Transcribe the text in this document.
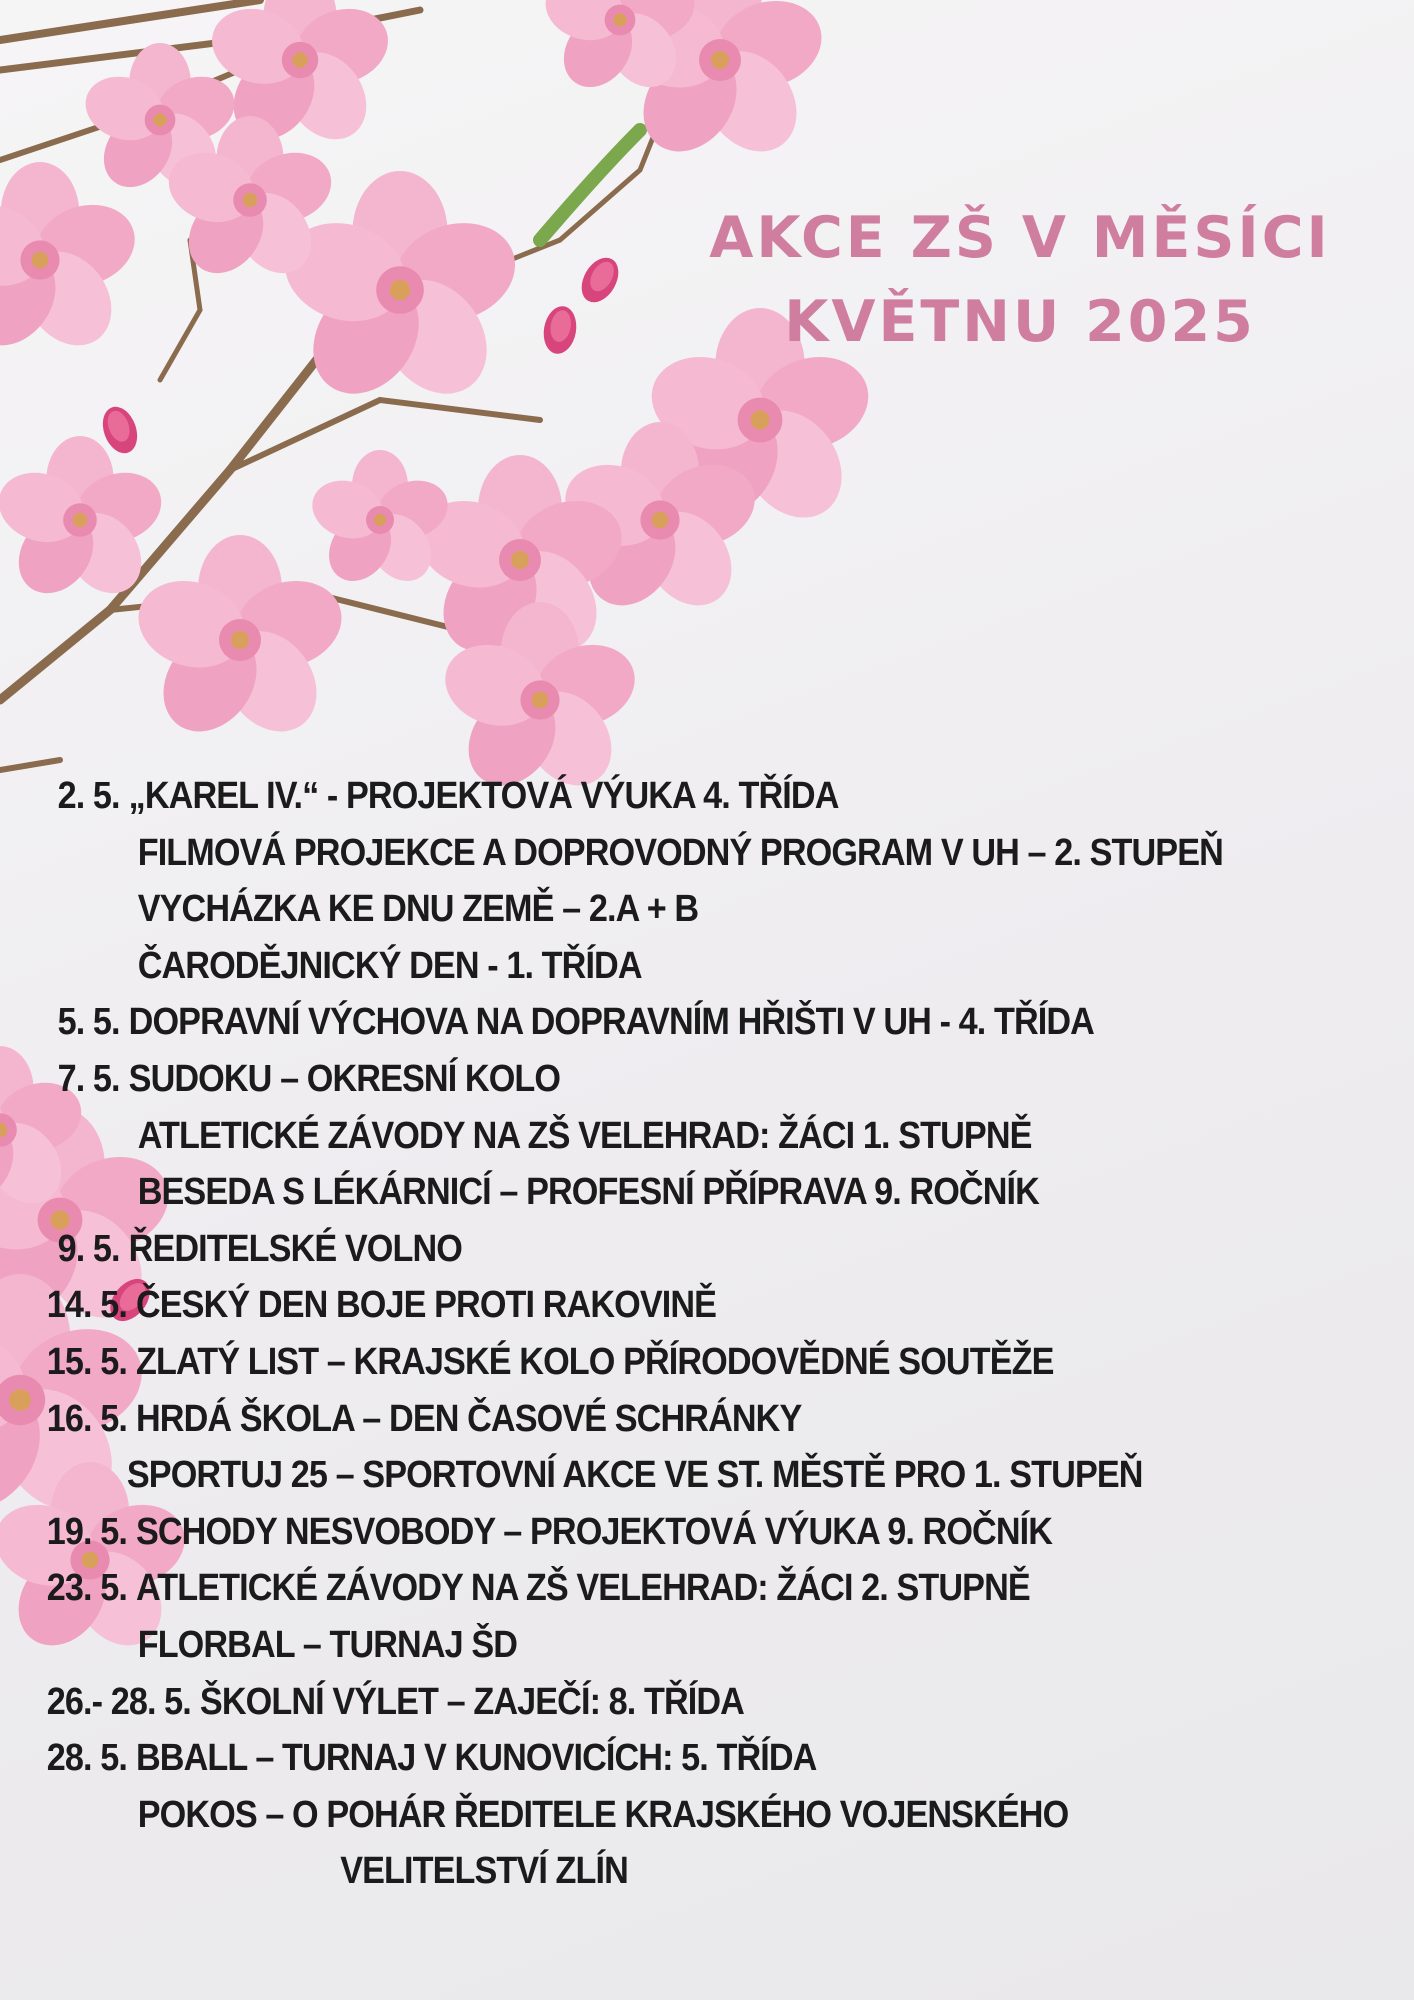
AKCE ZŠ V MĚSÍCI
KVĚTNU 2025
2. 5. „KAREL IV.“ - PROJEKTOVÁ VÝUKA 4. TŘÍDA
FILMOVÁ PROJEKCE A DOPROVODNÝ PROGRAM V UH – 2. STUPEŇ
VYCHÁZKA KE DNU ZEMĚ – 2.A + B
ČARODĚJNICKÝ DEN - 1. TŘÍDA
5. 5. DOPRAVNÍ VÝCHOVA NA DOPRAVNÍM HŘIŠTI V UH - 4. TŘÍDA
7. 5. SUDOKU – OKRESNÍ KOLO
ATLETICKÉ ZÁVODY NA ZŠ VELEHRAD: ŽÁCI 1. STUPNĚ
BESEDA S LÉKÁRNICÍ – PROFESNÍ PŘÍPRAVA 9. ROČNÍK
9. 5. ŘEDITELSKÉ VOLNO
14. 5. ČESKÝ DEN BOJE PROTI RAKOVINĚ
15. 5. ZLATÝ LIST – KRAJSKÉ KOLO PŘÍRODOVĚDNÉ SOUTĚŽE
16. 5. HRDÁ ŠKOLA – DEN ČASOVÉ SCHRÁNKY
SPORTUJ 25 – SPORTOVNÍ AKCE VE ST. MĚSTĚ PRO 1. STUPEŇ
19. 5. SCHODY NESVOBODY – PROJEKTOVÁ VÝUKA 9. ROČNÍK
23. 5. ATLETICKÉ ZÁVODY NA ZŠ VELEHRAD: ŽÁCI 2. STUPNĚ
FLORBAL – TURNAJ ŠD
26.- 28. 5. ŠKOLNÍ VÝLET – ZAJEČÍ: 8. TŘÍDA
28. 5. BBALL – TURNAJ V KUNOVICÍCH: 5. TŘÍDA
POKOS – O POHÁR ŘEDITELE KRAJSKÉHO VOJENSKÉHO
VELITELSTVÍ ZLÍN
